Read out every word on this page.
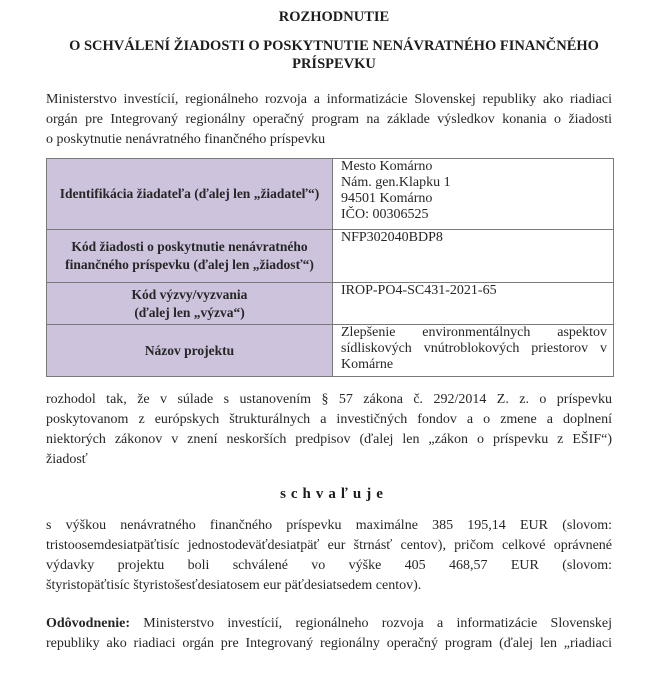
ROZHODNUTIE
O SCHVÁLENÍ ŽIADOSTI O POSKYTNUTIE NENÁVRATNÉHO FINANČNÉHO
PRÍSPEVKU
Ministerstvo investícií, regionálneho rozvoja a informatizácie Slovenskej republiky ako riadiaci
orgán pre Integrovaný regionálny operačný program na základe výsledkov konania o žiadosti
o poskytnutie nenávratného finančného príspevku
Identifikácia žiadateľa (ďalej len „žiadateľ“)	Mesto Komárno
Nám. gen.Klapku 1
94501 Komárno
IČO: 00306525

Kód žiadosti o poskytnutie nenávratného
finančného príspevku (ďalej len „žiadosť“)	NFP302040BDP8

Kód výzvy/vyzvania
(ďalej len „výzva“)	IROP-PO4-SC431-2021-65

Názov projektu	Zlepšenie environmentálnych aspektov
sídliskových vnútroblokových priestorov v
Komárne
rozhodol tak, že v súlade s ustanovením § 57 zákona č. 292/2014 Z. z. o príspevku
poskytovanom z európskych štrukturálnych a investičných fondov a o zmene a doplnení
niektorých zákonov v znení neskorších predpisov (ďalej len „zákon o príspevku z EŠIF“)
žiadosť
schvaľuje
s výškou nenávratného finančného príspevku maximálne 385 195,14 EUR (slovom:
tristoosemdesiatpäťtisíc jednostodeväťdesiatpäť eur štrnásť centov), pričom celkové oprávnené
výdavky projektu boli schválené vo výške 405 468,57 EUR (slovom:
štyristopäťtisíc štyristošesťdesiatosem eur päťdesiatsedem centov).
Odôvodnenie: Ministerstvo investícií, regionálneho rozvoja a informatizácie Slovenskej
republiky ako riadiaci orgán pre Integrovaný regionálny operačný program (ďalej len „riadiaci
